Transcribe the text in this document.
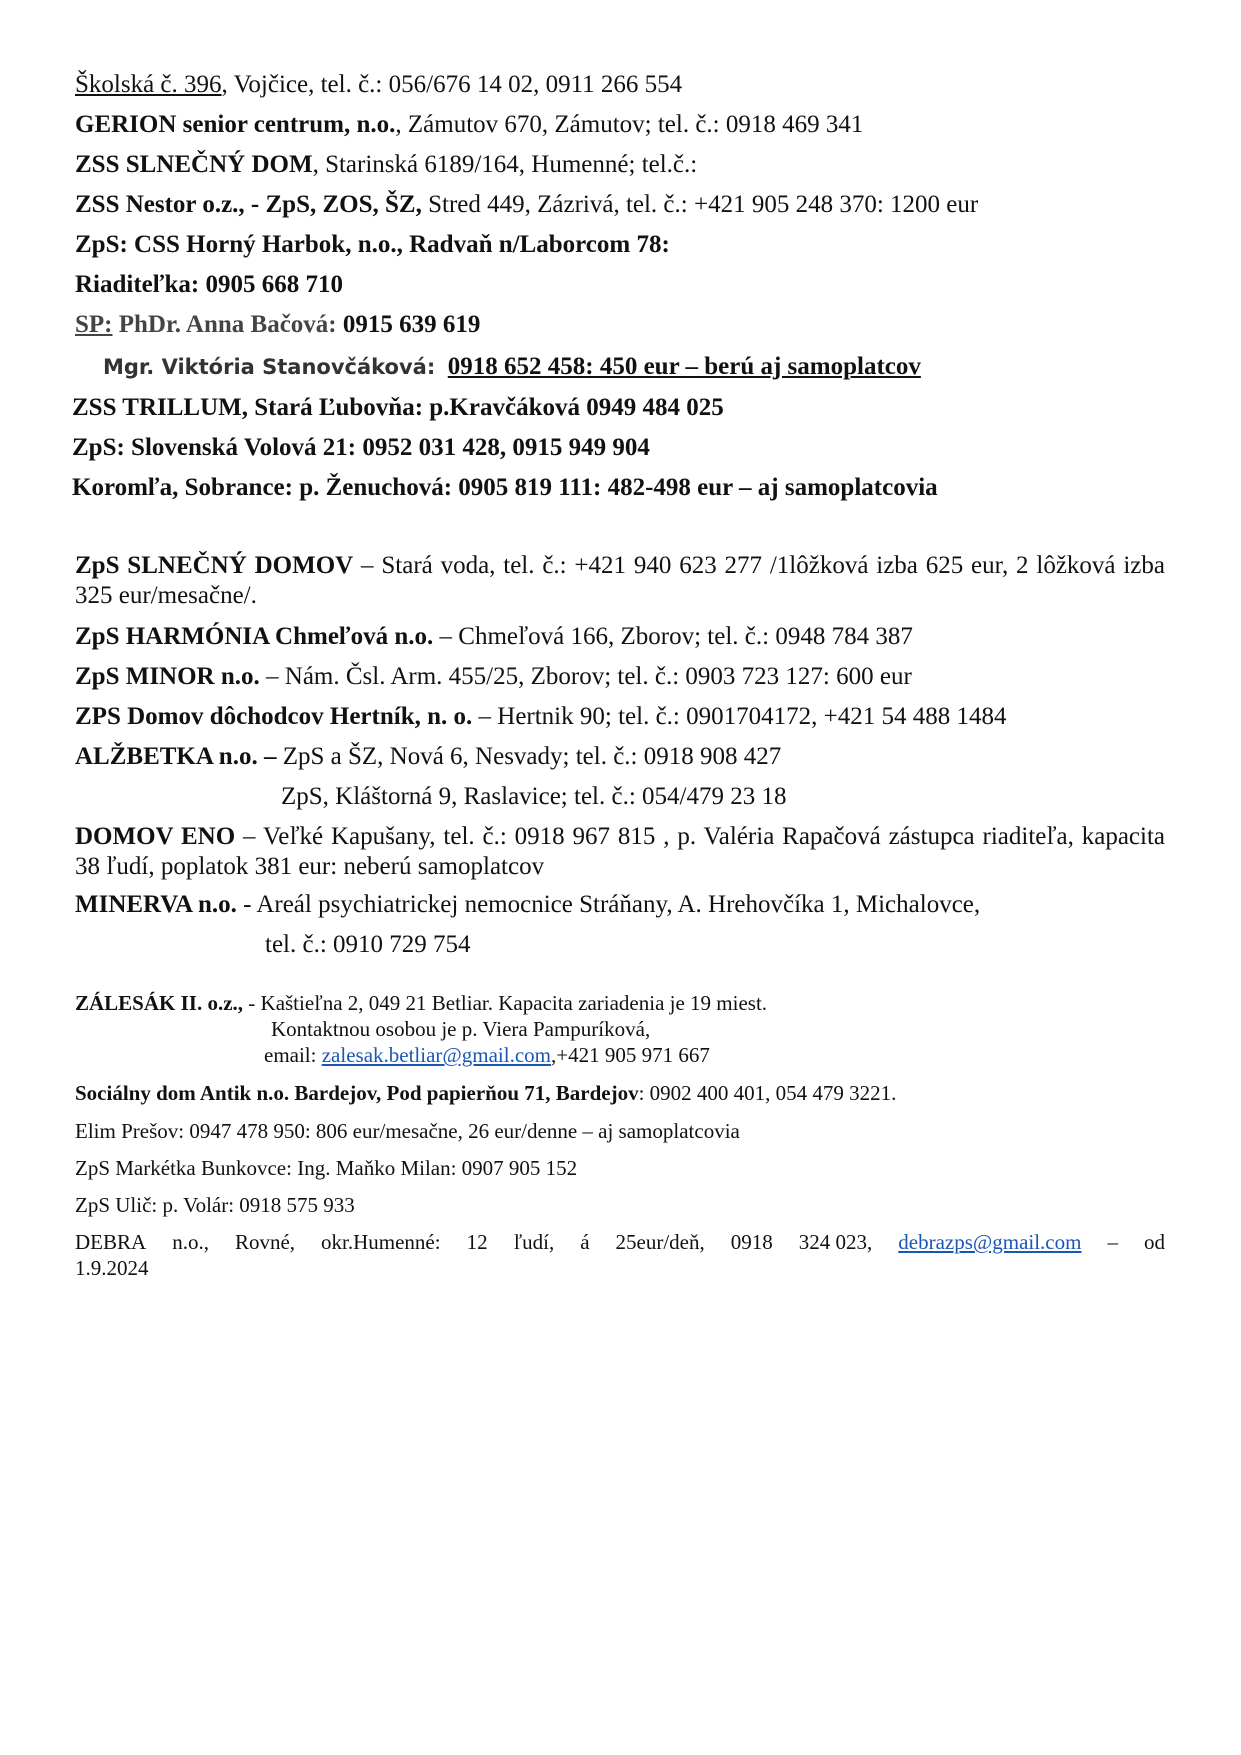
Školská č. 396, Vojčice, tel. č.: 056/676 14 02, 0911 266 554
GERION senior centrum, n.o., Zámutov 670, Zámutov; tel. č.: 0918 469 341
ZSS SLNEČNÝ DOM, Starinská 6189/164, Humenné; tel.č.:
ZSS Nestor o.z., - ZpS, ZOS, ŠZ, Stred 449, Zázrivá, tel. č.: +421 905 248 370: 1200 eur
ZpS: CSS Horný Harbok, n.o., Radvaň n/Laborcom 78:
Riaditeľka: 0905 668 710
SP: PhDr. Anna Bačová: 0915 639 619
Mgr. Viktória Stanovčáková: 0918 652 458: 450 eur – berú aj samoplatcov
ZSS TRILLUM, Stará Ľubovňa: p.Kravčáková 0949 484 025
ZpS: Slovenská Volová 21: 0952 031 428, 0915 949 904
Koromľa, Sobrance: p. Ženuchová: 0905 819 111: 482-498 eur – aj samoplatcovia
ZpS SLNEČNÝ DOMOV – Stará voda, tel. č.: +421 940 623 277 /1lôžková izba 625 eur, 2 lôžková izba 325 eur/mesačne/.
ZpS HARMÓNIA Chmeľová n.o. – Chmeľová 166, Zborov; tel. č.: 0948 784 387
ZpS MINOR n.o. – Nám. Čsl. Arm. 455/25, Zborov; tel. č.: 0903 723 127: 600 eur
ZPS Domov dôchodcov Hertník, n. o. – Hertnik 90; tel. č.: 0901704172, +421 54 488 1484
ALŽBETKA n.o. – ZpS a ŠZ, Nová 6, Nesvady; tel. č.: 0918 908 427
ZpS, Kláštorná 9, Raslavice; tel. č.: 054/479 23 18
DOMOV ENO – Veľké Kapušany, tel. č.: 0918 967 815 , p. Valéria Rapačová zástupca riaditeľa, kapacita 38 ľudí, poplatok 381 eur: neberú samoplatcov
MINERVA n.o. - Areál psychiatrickej nemocnice Stráňany, A. Hrehovčíka 1, Michalovce,
tel. č.: 0910 729 754
ZÁLESÁK II. o.z., - Kaštieľna 2, 049 21 Betliar. Kapacita zariadenia je 19 miest.
Kontaktnou osobou je p. Viera Pampuríková,
email: zalesak.betliar@gmail.com,+421 905 971 667
Sociálny dom Antik n.o. Bardejov, Pod papierňou 71, Bardejov: 0902 400 401, 054 479 3221.
Elim Prešov: 0947 478 950: 806 eur/mesačne, 26 eur/denne – aj samoplatcovia
ZpS Markétka Bunkovce: Ing. Maňko Milan: 0907 905 152
ZpS Ulič: p. Volár: 0918 575 933
DEBRA n.o., Rovné, okr.Humenné: 12 ľudí, á 25eur/deň, 0918 324 023, debrazps@gmail.com – od
1.9.2024
